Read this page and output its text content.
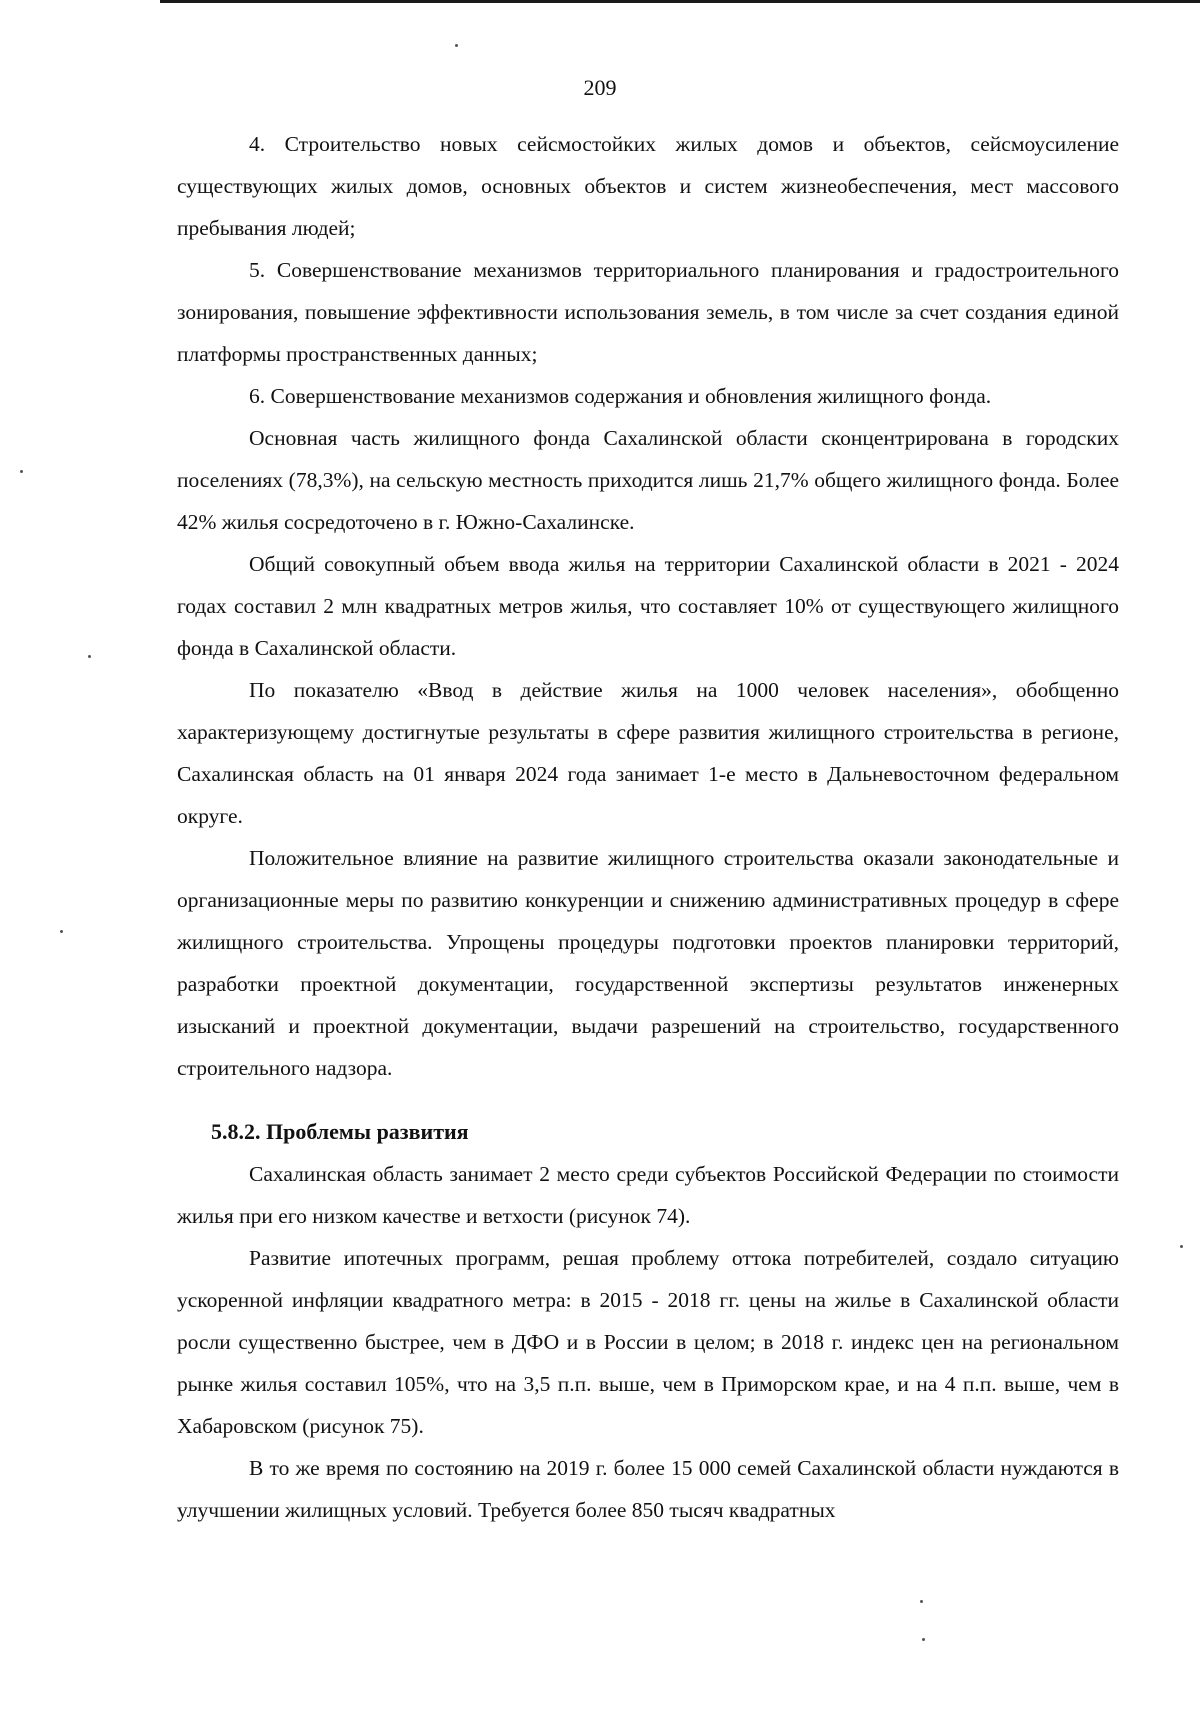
209

4. Строительство новых сейсмостойких жилых домов и объектов, сейсмоусиление существующих жилых домов, основных объектов и систем жизнеобеспечения, мест массового пребывания людей;

5. Совершенствование механизмов территориального планирования и градостроительного зонирования, повышение эффективности использования земель, в том числе за счет создания единой платформы пространственных данных;

6. Совершенствование механизмов содержания и обновления жилищного фонда.

Основная часть жилищного фонда Сахалинской области сконцентрирована в городских поселениях (78,3%), на сельскую местность приходится лишь 21,7% общего жилищного фонда. Более 42% жилья сосредоточено в г. Южно-Сахалинске.

Общий совокупный объем ввода жилья на территории Сахалинской области в 2021 - 2024 годах составил 2 млн квадратных метров жилья, что составляет 10% от существующего жилищного фонда в Сахалинской области.

По показателю «Ввод в действие жилья на 1000 человек населения», обобщенно характеризующему достигнутые результаты в сфере развития жилищного строительства в регионе, Сахалинская область на 01 января 2024 года занимает 1-е место в Дальневосточном федеральном округе.

Положительное влияние на развитие жилищного строительства оказали законодательные и организационные меры по развитию конкуренции и снижению административных процедур в сфере жилищного строительства. Упрощены процедуры подготовки проектов планировки территорий, разработки проектной документации, государственной экспертизы результатов инженерных изысканий и проектной документации, выдачи разрешений на строительство, государственного строительного надзора.

5.8.2. Проблемы развития

Сахалинская область занимает 2 место среди субъектов Российской Федерации по стоимости жилья при его низком качестве и ветхости (рисунок 74).

Развитие ипотечных программ, решая проблему оттока потребителей, создало ситуацию ускоренной инфляции квадратного метра: в 2015 - 2018 гг. цены на жилье в Сахалинской области росли существенно быстрее, чем в ДФО и в России в целом; в 2018 г. индекс цен на региональном рынке жилья составил 105%, что на 3,5 п.п. выше, чем в Приморском крае, и на 4 п.п. выше, чем в Хабаровском (рисунок 75).

В то же время по состоянию на 2019 г. более 15 000 семей Сахалинской области нуждаются в улучшении жилищных условий. Требуется более 850 тысяч квадратных
